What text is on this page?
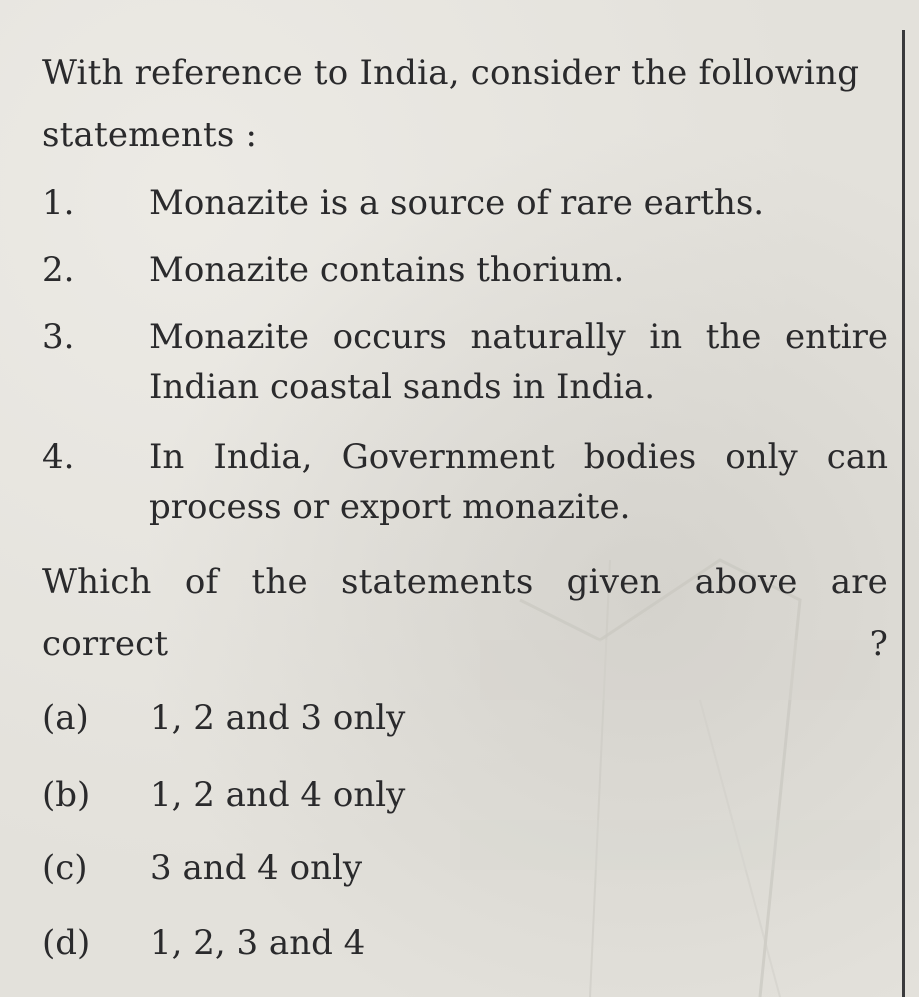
With reference to India, consider the following
statements :

1.	Monazite is a source of rare earths.
2.	Monazite contains thorium.
3.	Monazite occurs naturally in the entire
Indian coastal sands in India.
4.	In India, Government bodies only can
process or export monazite.

Which of the statements given above are
correct ?

(a)	1, 2 and 3 only
(b)	1, 2 and 4 only
(c)	3 and 4 only
(d)	1, 2, 3 and 4
